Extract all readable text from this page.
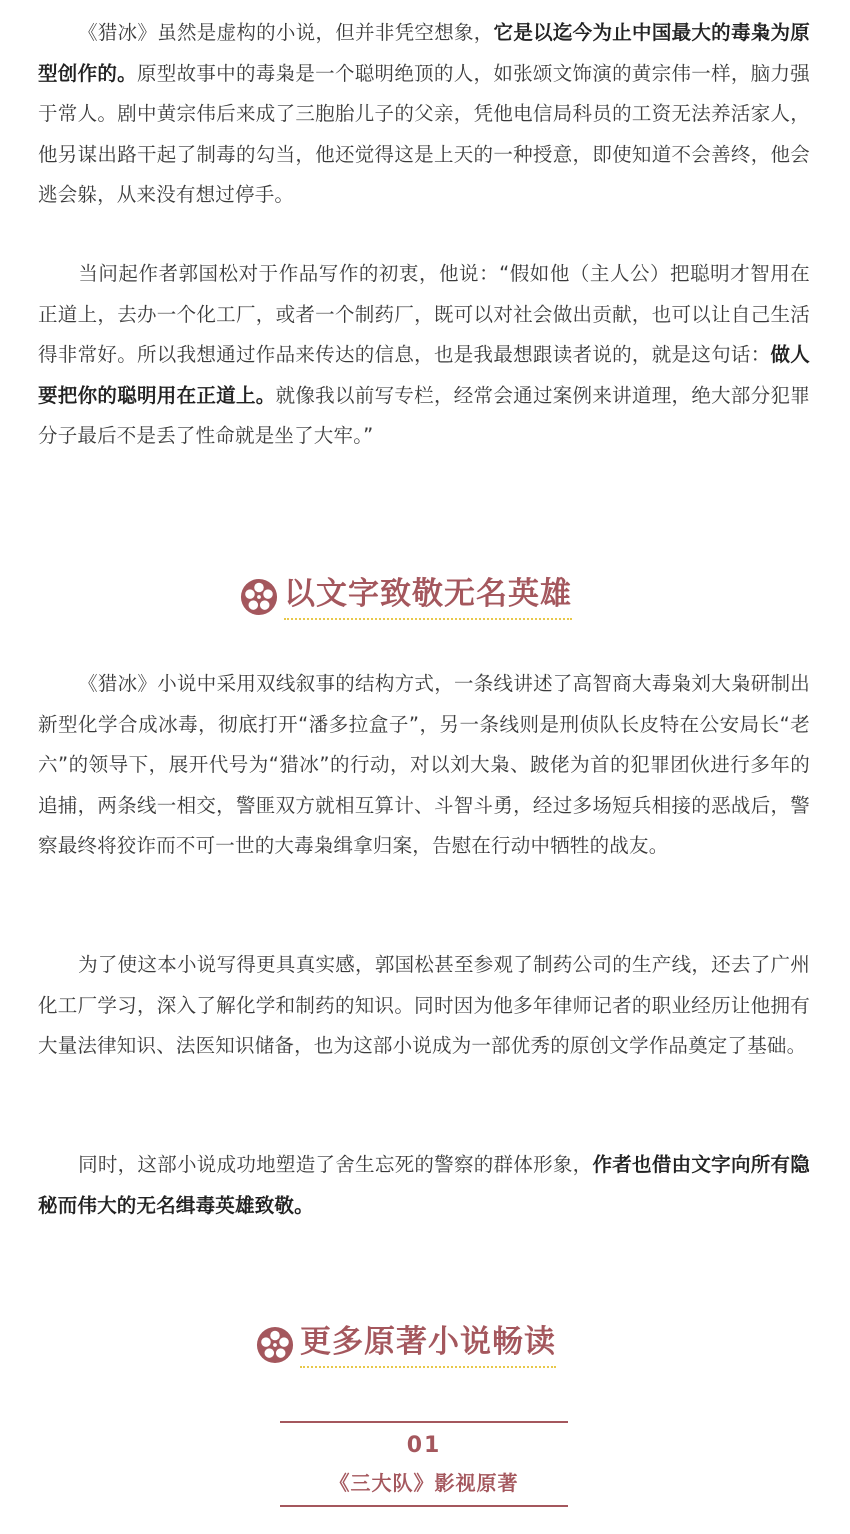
《猎冰》虽然是虚构的小说，但并非凭空想象，它是以迄今为止中国最大的毒枭为原型创作的。原型故事中的毒枭是一个聪明绝顶的人，如张颂文饰演的黄宗伟一样，脑力强于常人。剧中黄宗伟后来成了三胞胎儿子的父亲，凭他电信局科员的工资无法养活家人，他另谋出路干起了制毒的勾当，他还觉得这是上天的一种授意，即使知道不会善终，他会逃会躲，从来没有想过停手。

当问起作者郭国松对于作品写作的初衷，他说：“假如他（主人公）把聪明才智用在正道上，去办一个化工厂，或者一个制药厂，既可以对社会做出贡献，也可以让自己生活得非常好。所以我想通过作品来传达的信息，也是我最想跟读者说的，就是这句话：做人要把你的聪明用在正道上。就像我以前写专栏，经常会通过案例来讲道理，绝大部分犯罪分子最后不是丢了性命就是坐了大牢。”

以文字致敬无名英雄

《猎冰》小说中采用双线叙事的结构方式，一条线讲述了高智商大毒枭刘大枭研制出新型化学合成冰毒，彻底打开“潘多拉盒子”，另一条线则是刑侦队长皮特在公安局长“老六”的领导下，展开代号为“猎冰”的行动，对以刘大枭、跛佬为首的犯罪团伙进行多年的追捕，两条线一相交，警匪双方就相互算计、斗智斗勇，经过多场短兵相接的恶战后，警察最终将狡诈而不可一世的大毒枭缉拿归案，告慰在行动中牺牲的战友。

为了使这本小说写得更具真实感，郭国松甚至参观了制药公司的生产线，还去了广州化工厂学习，深入了解化学和制药的知识。同时因为他多年律师记者的职业经历让他拥有大量法律知识、法医知识储备，也为这部小说成为一部优秀的原创文学作品奠定了基础。

同时，这部小说成功地塑造了舍生忘死的警察的群体形象，作者也借由文字向所有隐秘而伟大的无名缉毒英雄致敬。

更多原著小说畅读
01
《三大队》影视原著
